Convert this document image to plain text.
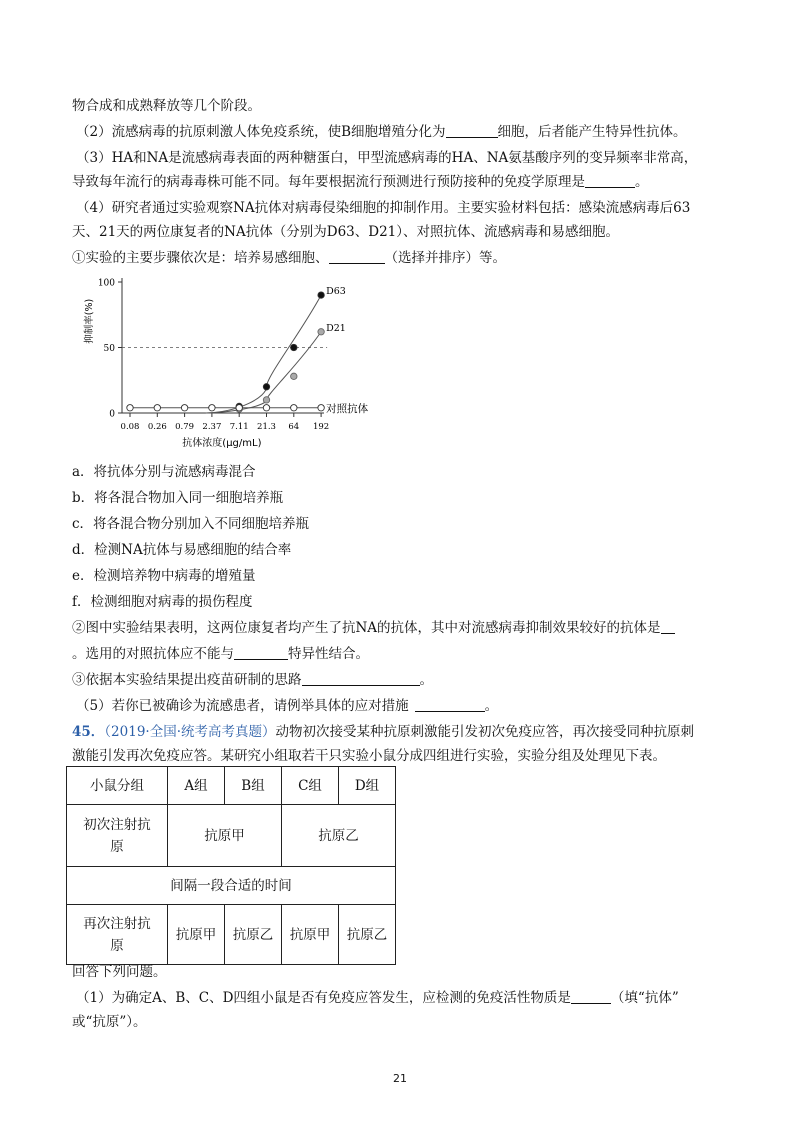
物合成和成熟释放等几个阶段。
（2）流感病毒的抗原刺激人体免疫系统，使B细胞增殖分化为	细胞，后者能产生特异性抗体。
（3）HA和NA是流感病毒表面的两种糖蛋白，甲型流感病毒的HA、NA氨基酸序列的变异频率非常高，
导致每年流行的病毒毒株可能不同。每年要根据流行预测进行预防接种的免疫学原理是	。
（4）研究者通过实验观察NA抗体对病毒侵染细胞的抑制作用。主要实验材料包括：感染流感病毒后63
天、21天的两位康复者的NA抗体（分别为D63、D21）、对照抗体、流感病毒和易感细胞。
①实验的主要步骤依次是：培养易感细胞、	（选择并排序）等。
0
50
100
0.08 0.26 0.79 2.37 7.11 21.3 64 192
抑制率(%)
抗体浓度(μg/mL)
D63
D21
对照抗体
a．将抗体分别与流感病毒混合
b．将各混合物加入同一细胞培养瓶
c．将各混合物分别加入不同细胞培养瓶
d．检测NA抗体与易感细胞的结合率
e．检测培养物中病毒的增殖量
f．检测细胞对病毒的损伤程度
②图中实验结果表明，这两位康复者均产生了抗NA的抗体，其中对流感病毒抑制效果较好的抗体是
。选用的对照抗体应不能与	特异性结合。
③依据本实验结果提出疫苗研制的思路	。
（5）若你已被确诊为流感患者，请例举具体的应对措施	。
45．（2019·全国·统考高考真题）动物初次接受某种抗原刺激能引发初次免疫应答，再次接受同种抗原刺
激能引发再次免疫应答。某研究小组取若干只实验小鼠分成四组进行实验，实验分组及处理见下表。
小鼠分组	A组	B组	C组	D组

初次注射抗原	抗原甲		抗原乙	
间隔一段合适的时间				

再次注射抗原	抗原甲	抗原乙	抗原甲	抗原乙
回答下列问题。
（1）为确定A、B、C、D四组小鼠是否有免疫应答发生，应检测的免疫活性物质是	（填“抗体”
或“抗原”）。
21
